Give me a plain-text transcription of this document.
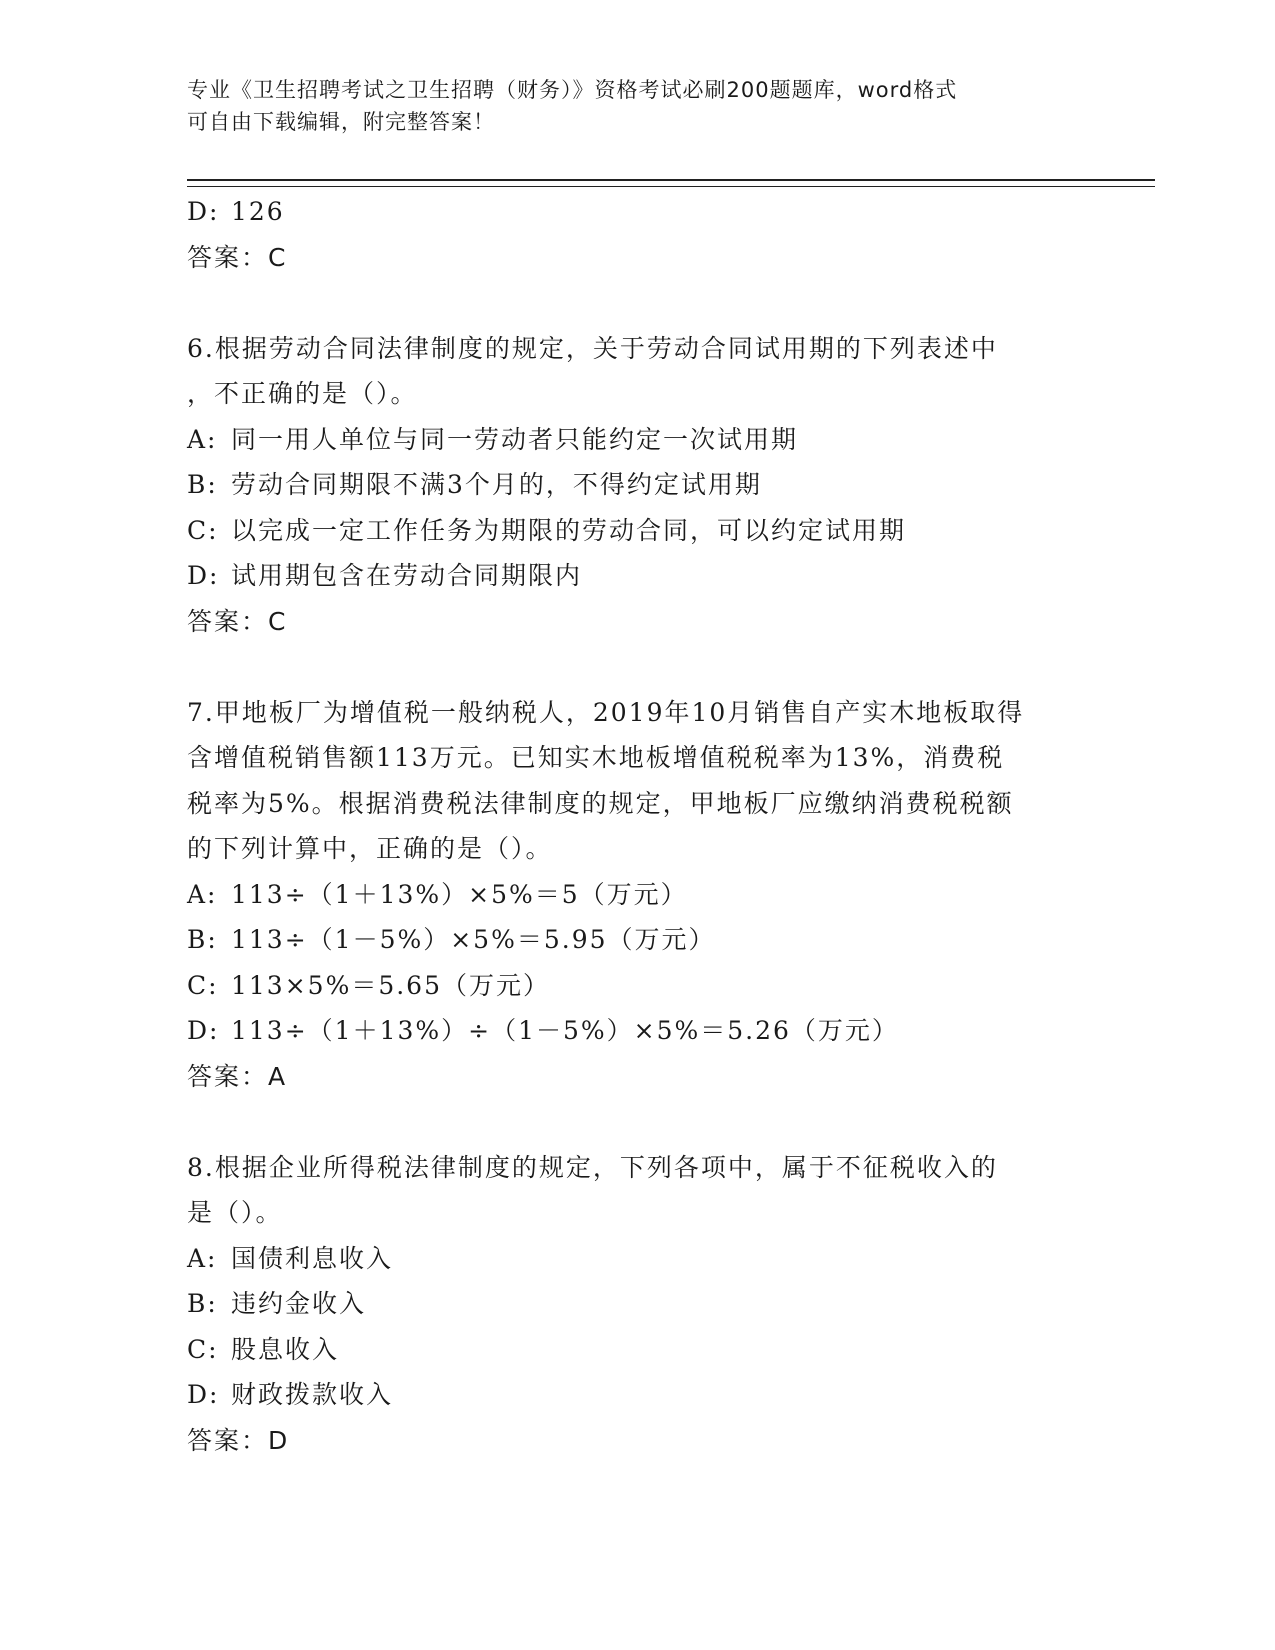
专业《卫生招聘考试之卫生招聘（财务）》资格考试必刷200题题库，word格式
可自由下载编辑，附完整答案！
D: 126
答案：C
6.根据劳动合同法律制度的规定，关于劳动合同试用期的下列表述中
，不正确的是（）。
A: 同一用人单位与同一劳动者只能约定一次试用期
B: 劳动合同期限不满3个月的，不得约定试用期
C: 以完成一定工作任务为期限的劳动合同，可以约定试用期
D: 试用期包含在劳动合同期限内
答案：C
7.甲地板厂为增值税一般纳税人，2019年10月销售自产实木地板取得
含增值税销售额113万元。已知实木地板增值税税率为13%，消费税
税率为5%。根据消费税法律制度的规定，甲地板厂应缴纳消费税税额
的下列计算中，正确的是（）。
A: 113÷（1＋13%）×5%＝5（万元）
B: 113÷（1－5%）×5%＝5.95（万元）
C: 113×5%＝5.65（万元）
D: 113÷（1＋13%）÷（1－5%）×5%＝5.26（万元）
答案：A
8.根据企业所得税法律制度的规定，下列各项中，属于不征税收入的
是（）。
A: 国债利息收入
B: 违约金收入
C: 股息收入
D: 财政拨款收入
答案：D
